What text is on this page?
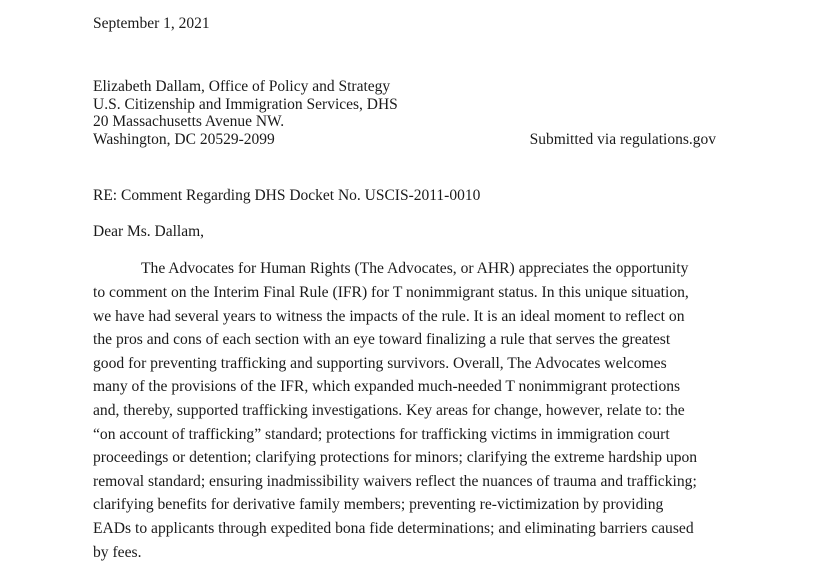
September 1, 2021
Elizabeth Dallam, Office of Policy and Strategy
U.S. Citizenship and Immigration Services, DHS
20 Massachusetts Avenue NW.
Washington, DC 20529-2099	Submitted via regulations.gov
RE: Comment Regarding DHS Docket No. USCIS-2011-0010
Dear Ms. Dallam,
The Advocates for Human Rights (The Advocates, or AHR) appreciates the opportunity
to comment on the Interim Final Rule (IFR) for T nonimmigrant status. In this unique situation,
we have had several years to witness the impacts of the rule. It is an ideal moment to reflect on
the pros and cons of each section with an eye toward finalizing a rule that serves the greatest
good for preventing trafficking and supporting survivors. Overall, The Advocates welcomes
many of the provisions of the IFR, which expanded much-needed T nonimmigrant protections
and, thereby, supported trafficking investigations. Key areas for change, however, relate to: the
“on account of trafficking” standard; protections for trafficking victims in immigration court
proceedings or detention; clarifying protections for minors; clarifying the extreme hardship upon
removal standard; ensuring inadmissibility waivers reflect the nuances of trauma and trafficking;
clarifying benefits for derivative family members; preventing re-victimization by providing
EADs to applicants through expedited bona fide determinations; and eliminating barriers caused
by fees.
